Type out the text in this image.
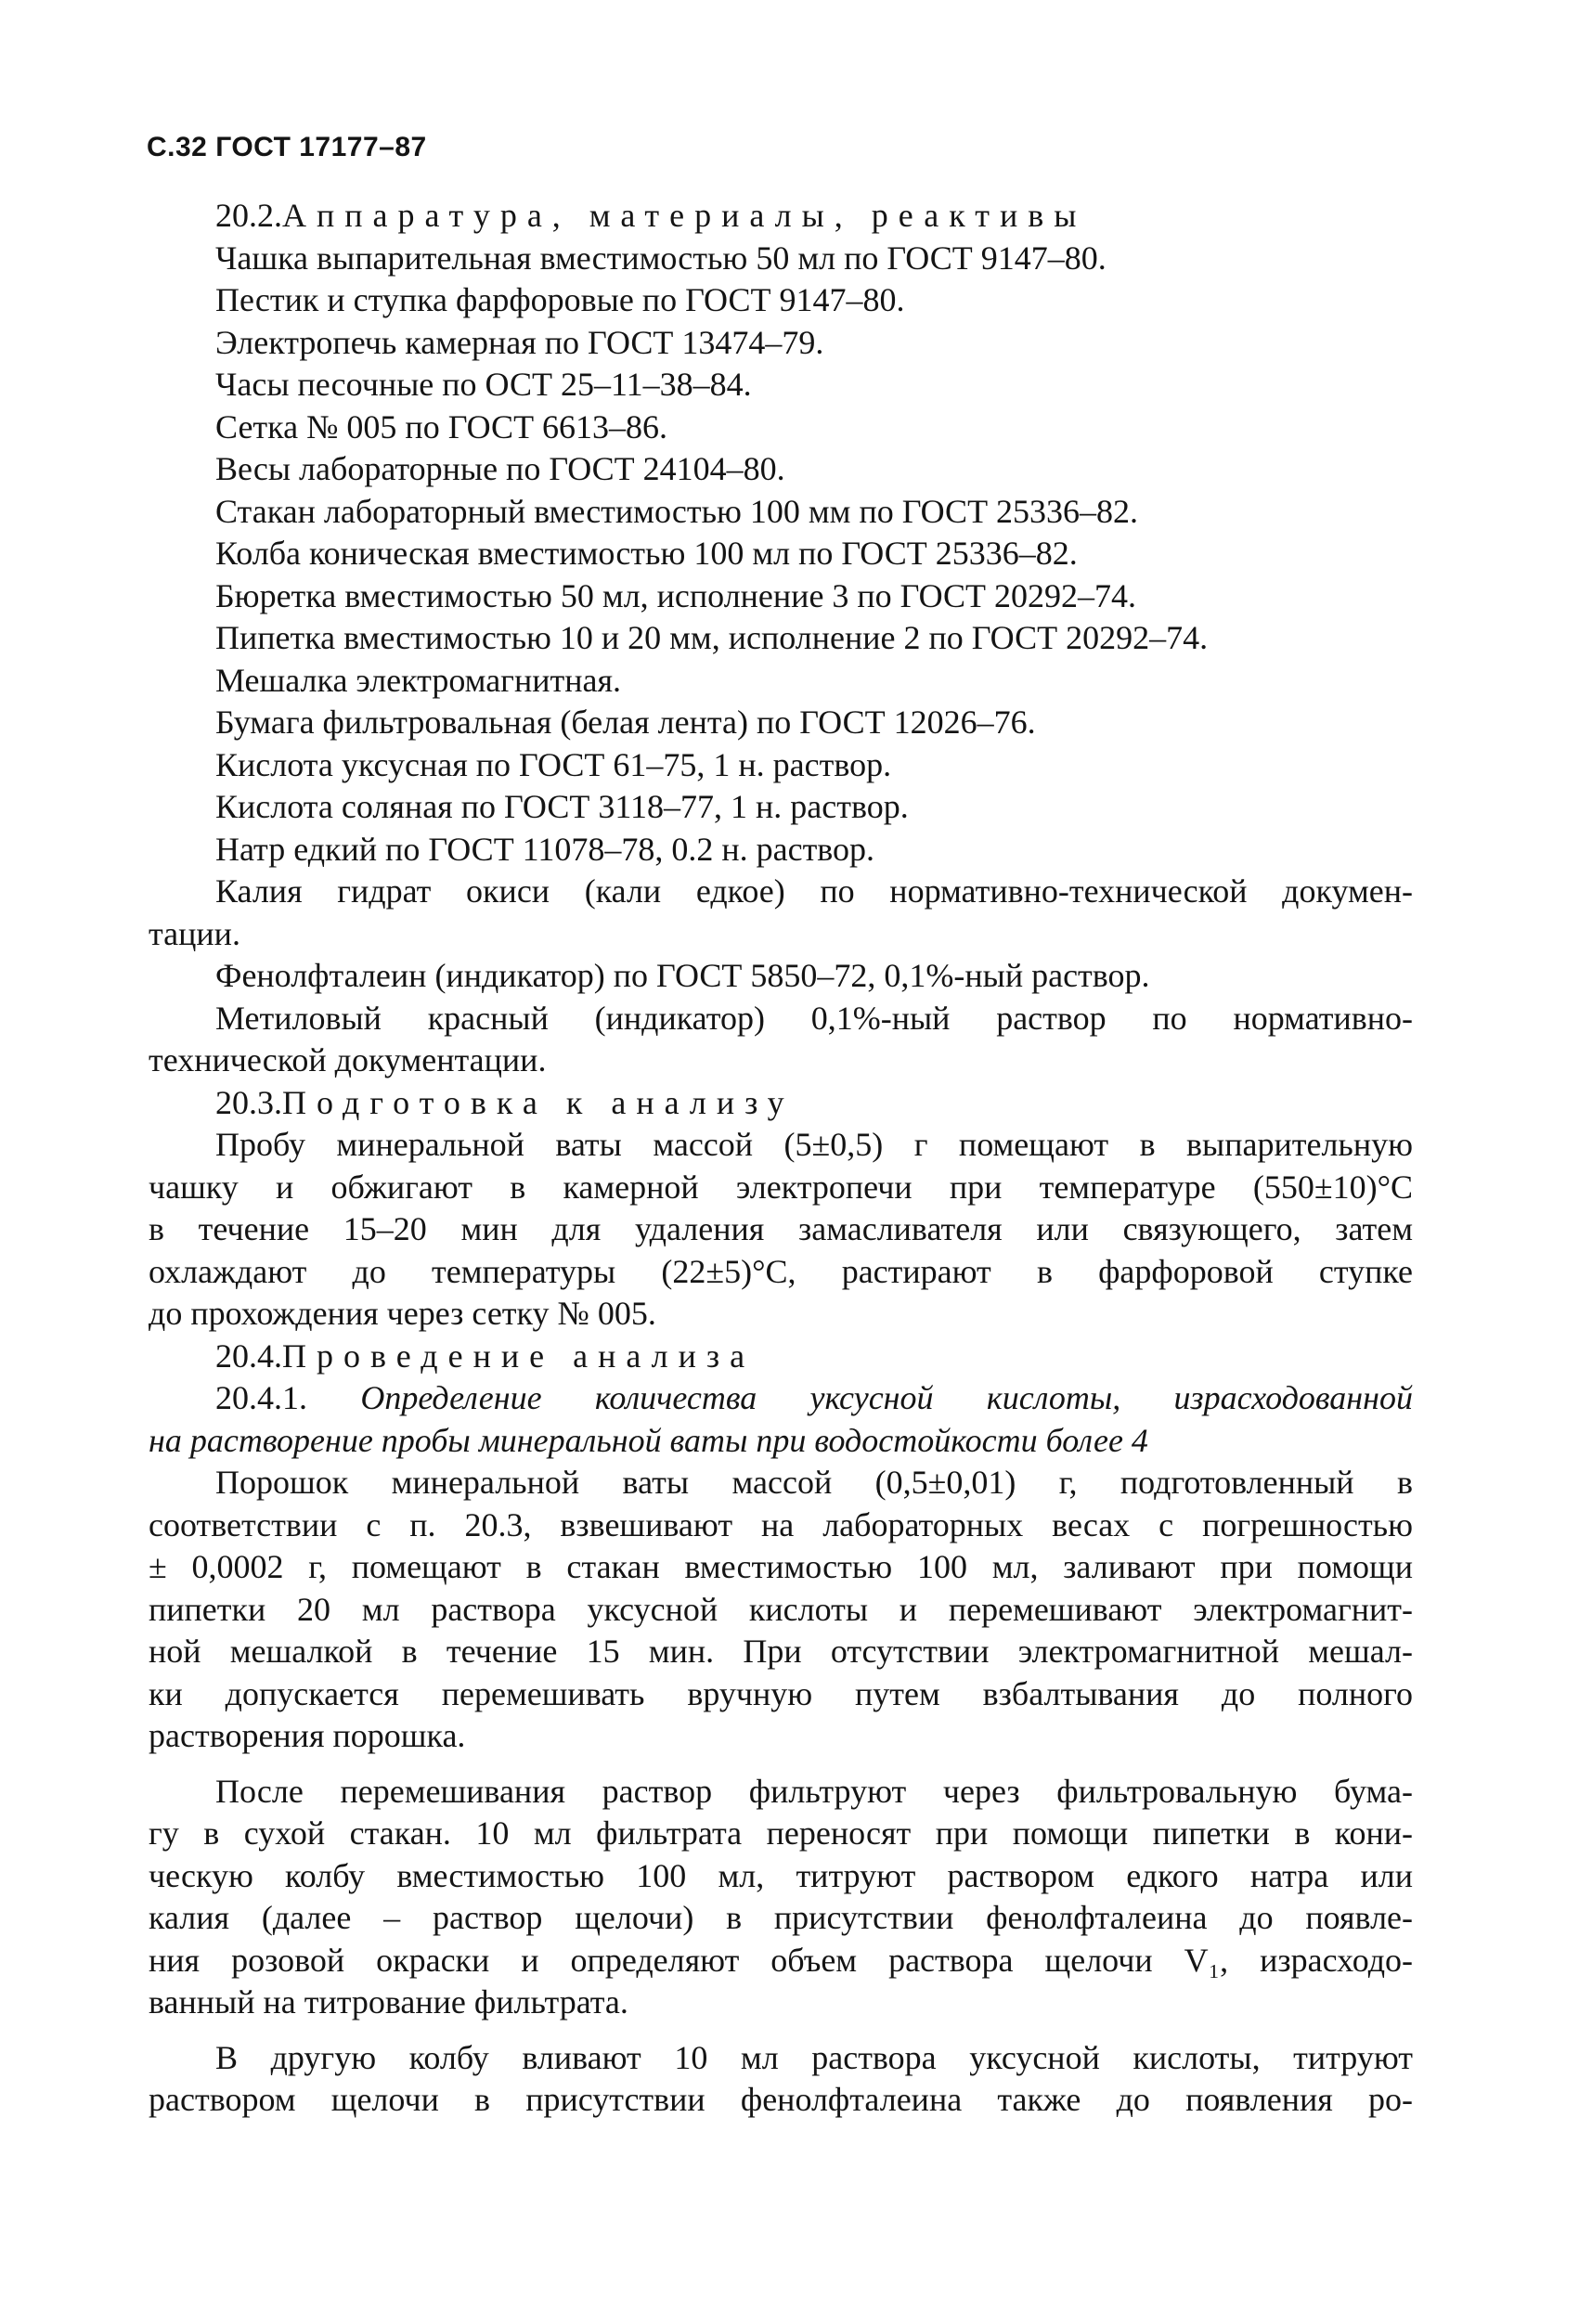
С.32 ГОСТ 17177–87
20.2.Аппаратура, материалы, реактивы
Чашка выпарительная вместимостью 50 мл по ГОСТ 9147–80.
Пестик и ступка фарфоровые по ГОСТ 9147–80.
Электропечь камерная по ГОСТ 13474–79.
Часы песочные по ОСТ 25–11–38–84.
Сетка № 005 по ГОСТ 6613–86.
Весы лабораторные по ГОСТ 24104–80.
Стакан лабораторный вместимостью 100 мм по ГОСТ 25336–82.
Колба коническая вместимостью 100 мл по ГОСТ 25336–82.
Бюретка вместимостью 50 мл, исполнение 3 по ГОСТ 20292–74.
Пипетка вместимостью 10 и 20 мм, исполнение 2 по ГОСТ 20292–74.
Мешалка электромагнитная.
Бумага фильтровальная (белая лента) по ГОСТ 12026–76.
Кислота уксусная по ГОСТ 61–75, 1 н. раствор.
Кислота соляная по ГОСТ 3118–77, 1 н. раствор.
Натр едкий по ГОСТ 11078–78, 0.2 н. раствор.
Калия гидрат окиси (кали едкое) по нормативно-технической докумен-
тации.
Фенолфталеин (индикатор) по ГОСТ 5850–72, 0,1%-ный раствор.
Метиловый красный (индикатор) 0,1%-ный раствор по нормативно-
технической документации.
20.3.Подготовка к анализу
Пробу минеральной ваты массой (5±0,5) г помещают в выпарительную
чашку и обжигают в камерной электропечи при температуре (550±10)°C
в течение 15–20 мин для удаления замасливателя или связующего, затем
охлаждают до температуры (22±5)°C, растирают в фарфоровой ступке
до прохождения через сетку № 005.
20.4.Проведение анализа
20.4.1. Определение количества уксусной кислоты, израсходованной
на растворение пробы минеральной ваты при водостойкости более 4
Порошок минеральной ваты массой (0,5±0,01) г, подготовленный в
соответствии с п. 20.3, взвешивают на лабораторных весах с погрешностью
± 0,0002 г, помещают в стакан вместимостью 100 мл, заливают при помощи
пипетки 20 мл раствора уксусной кислоты и перемешивают электромагнит-
ной мешалкой в течение 15 мин. При отсутствии электромагнитной мешал-
ки допускается перемешивать вручную путем взбалтывания до полного
растворения порошка.
После перемешивания раствор фильтруют через фильтровальную бума-
гу в сухой стакан. 10 мл фильтрата переносят при помощи пипетки в кони-
ческую колбу вместимостью 100 мл, титруют раствором едкого натра или
калия (далее – раствор щелочи) в присутствии фенолфталеина до появле-
ния розовой окраски и определяют объем раствора щелочи V₁, израсходо-
ванный на титрование фильтрата.
В другую колбу вливают 10 мл раствора уксусной кислоты, титруют
раствором щелочи в присутствии фенолфталеина также до появления ро-
